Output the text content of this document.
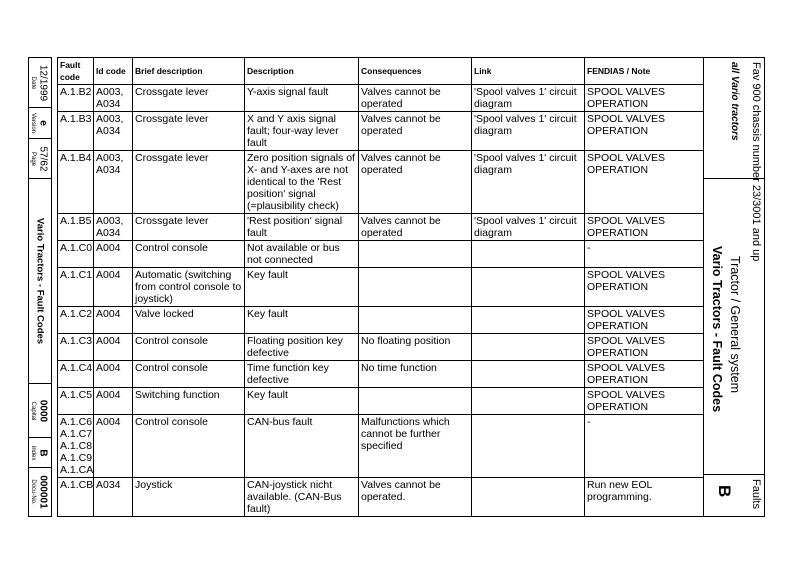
Date 12/1999
Version e
Page 57/62
Vario Tractors - Fault Codes
Capital 0000
Index B
Docu-No. 000001
Fault code	Id code	Brief description	Description	Consequences	Link	FENDIAS / Note
A.1.B2	A003, A034	Crossgate lever	Y-axis signal fault	Valves cannot be operated	'Spool valves 1' circuit diagram	SPOOL VALVES OPERATION
A.1.B3	A003, A034	Crossgate lever	X and Y axis signal fault; four-way lever fault	Valves cannot be operated	'Spool valves 1' circuit diagram	SPOOL VALVES OPERATION
A.1.B4	A003, A034	Crossgate lever	Zero position signals of X- and Y-axes are not identical to the 'Rest position' signal (=plausibility check)	Valves cannot be operated	'Spool valves 1' circuit diagram	SPOOL VALVES OPERATION
A.1.B5	A003, A034	Crossgate lever	'Rest position' signal fault	Valves cannot be operated	'Spool valves 1' circuit diagram	SPOOL VALVES OPERATION
A.1.C0	A004	Control console	Not available or bus not connected			-
A.1.C1	A004	Automatic (switching from control console to joystick)	Key fault			SPOOL VALVES OPERATION
A.1.C2	A004	Valve locked	Key fault			SPOOL VALVES OPERATION
A.1.C3	A004	Control console	Floating position key defective	No floating position		SPOOL VALVES OPERATION
A.1.C4	A004	Control console	Time function key defective	No time function		SPOOL VALVES OPERATION
A.1.C5	A004	Switching function	Key fault			SPOOL VALVES OPERATION
A.1.C6 A.1.C7 A.1.C8 A.1.C9 A.1.CA	A004	Control console	CAN-bus fault	Malfunctions which cannot be further specified		-
A.1.CB	A034	Joystick	CAN-joystick nicht available. (CAN-Bus fault)	Valves cannot be operated.		Run new EOL programming.
Fav 900 chassis number 23/3001 and up
all Vario tractors
Tractor / General system
Vario Tractors - Fault Codes
Faults
B
